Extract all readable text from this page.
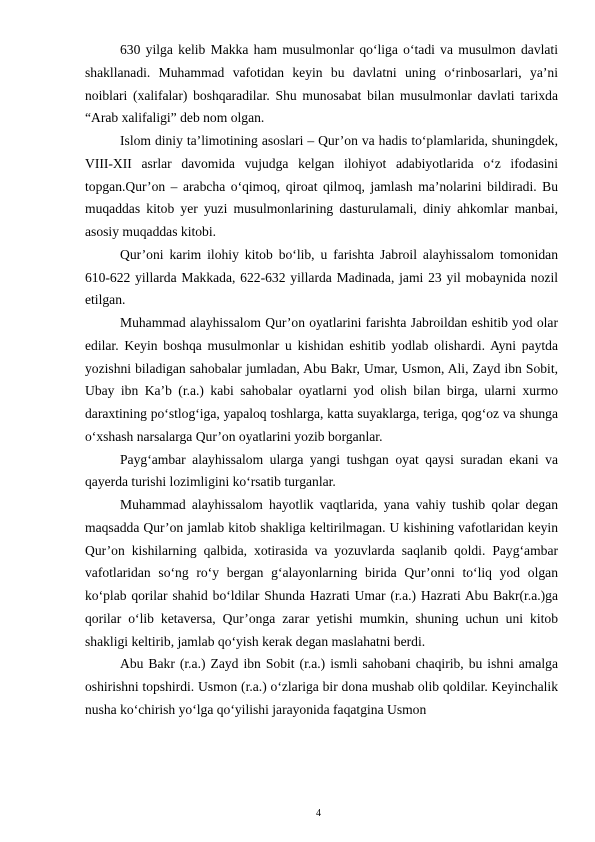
630 yilga kelib Makka ham musulmonlar qo‘liga o‘tadi va musulmon davlati shakllanadi. Muhammad vafotidan keyin bu davlatni uning o‘rinbosarlari, ya’ni noiblari (xalifalar) boshqaradilar. Shu munosabat bilan musulmonlar davlati tarixda “Arab xalifaligi” deb nom olgan.

Islom diniy ta’limotining asoslari – Qur’on va hadis to‘plamlarida, shuningdek, VIII-XII asrlar davomida vujudga kelgan ilohiyot adabiyotlarida o‘z ifodasini topgan.Qur’on – arabcha o‘qimoq, qiroat qilmoq, jamlash ma’nolarini bildiradi. Bu muqaddas kitob yer yuzi musulmonlarining dasturulamali, diniy ahkomlar manbai, asosiy muqaddas kitobi.

Qur’oni karim ilohiy kitob bo‘lib, u farishta Jabroil alayhissalom tomonidan 610-622 yillarda Makkada, 622-632 yillarda Madinada, jami 23 yil mobaynida nozil etilgan.

Muhammad alayhissalom Qur’on oyatlarini farishta Jabroildan eshitib yod olar edilar. Keyin boshqa musulmonlar u kishidan eshitib yodlab olishardi. Ayni paytda yozishni biladigan sahobalar jumladan, Abu Bakr, Umar, Usmon, Ali, Zayd ibn Sobit, Ubay ibn Ka’b (r.a.) kabi sahobalar oyatlarni yod olish bilan birga, ularni xurmo daraxtining po‘stlog‘iga, yapaloq toshlarga, katta suyaklarga, teriga, qog‘oz va shunga o‘xshash narsalarga Qur’on oyatlarini yozib borganlar.

Payg‘ambar alayhissalom ularga yangi tushgan oyat qaysi suradan ekani va qayerda turishi lozimligini ko‘rsatib turganlar.

Muhammad alayhissalom hayotlik vaqtlarida, yana vahiy tushib qolar degan maqsadda Qur’on jamlab kitob shakliga keltirilmagan. U kishining vafotlaridan keyin Qur’on kishilarning qalbida, xotirasida va yozuvlarda saqlanib qoldi. Payg‘ambar vafotlaridan so‘ng ro‘y bergan g‘alayonlarning birida Qur’onni to‘liq yod olgan ko‘plab qorilar shahid bo‘ldilar Shunda Hazrati Umar (r.a.) Hazrati Abu Bakr(r.a.)ga qorilar o‘lib ketaversa, Qur’onga zarar yetishi mumkin, shuning uchun uni kitob shakligi keltirib, jamlab qo‘yish kerak degan maslahatni berdi.

Abu Bakr (r.a.) Zayd ibn Sobit (r.a.) ismli sahobani chaqirib, bu ishni amalga oshirishni topshirdi. Usmon (r.a.) o‘zlariga bir dona mushab olib qoldilar. Keyinchalik nusha ko‘chirish yo‘lga qo‘yilishi jarayonida faqatgina Usmon

4
